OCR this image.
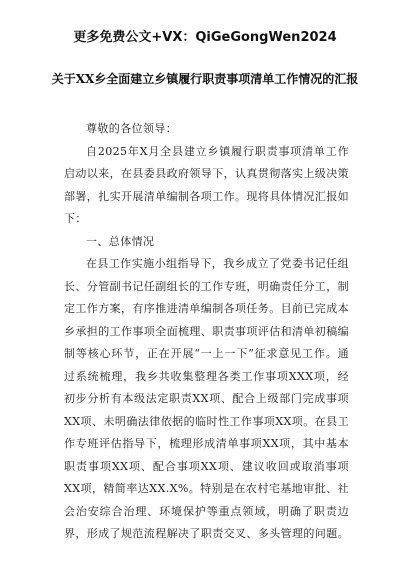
更多免费公文+VX：QiGeGongWen2024
关于XX乡全面建立乡镇履行职责事项清单工作情况的汇报

尊敬的各位领导：

自2025年X月全县建立乡镇履行职责事项清单工作启动以来，在县委县政府领导下，认真贯彻落实上级决策部署，扎实开展清单编制各项工作。现将具体情况汇报如下：

一、总体情况

在县工作实施小组指导下，我乡成立了党委书记任组长、分管副书记任副组长的工作专班，明确责任分工，制定工作方案，有序推进清单编制各项任务。目前已完成本乡承担的工作事项全面梳理、职责事项评估和清单初稿编制等核心环节，正在开展“一上一下”征求意见工作。通过系统梳理，我乡共收集整理各类工作事项XXX项，经初步分析有本级法定职责XX项、配合上级部门完成事项XX项、未明确法律依据的临时性工作事项XX项。在县工作专班评估指导下，梳理形成清单事项XX项，其中基本职责事项XX项、配合事项XX项、建议收回或取消事项XX项，精简率达XX.X%。特别是在农村宅基地审批、社会治安综合治理、环境保护等重点领域，明确了职责边界，形成了规范流程解决了职责交叉、多头管理的问题。
